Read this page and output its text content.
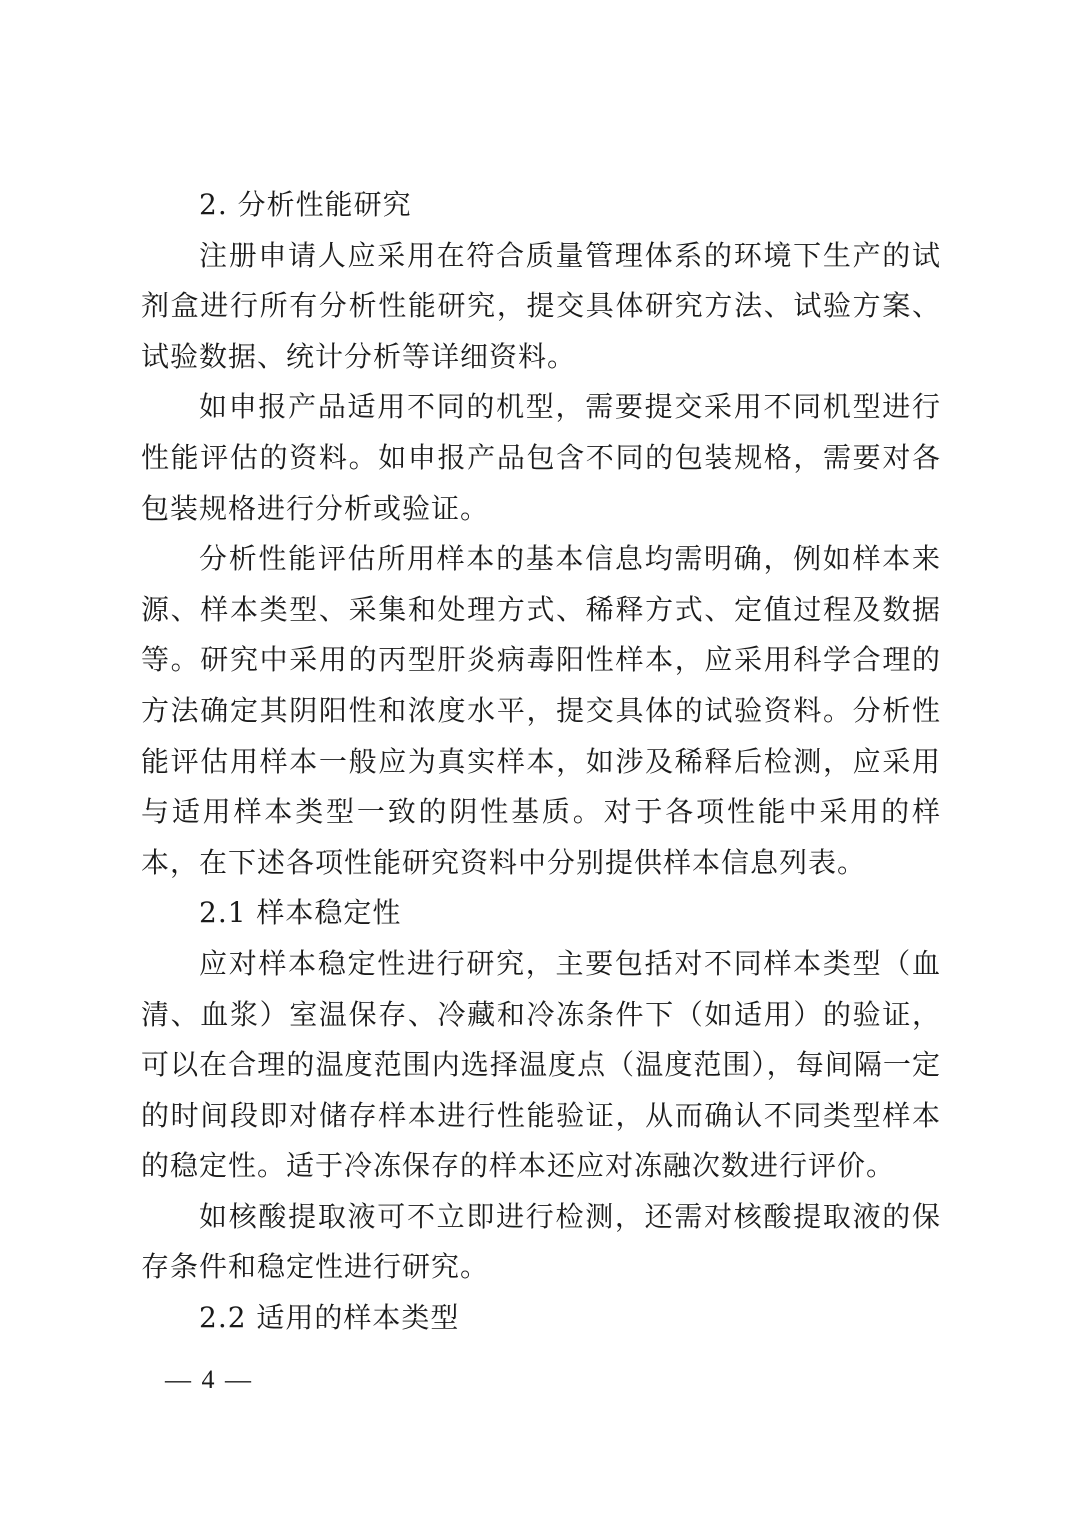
2. 分析性能研究

注册申请人应采用在符合质量管理体系的环境下生产的试剂盒进行所有分析性能研究，提交具体研究方法、试验方案、试验数据、统计分析等详细资料。

如申报产品适用不同的机型，需要提交采用不同机型进行性能评估的资料。如申报产品包含不同的包装规格，需要对各包装规格进行分析或验证。

分析性能评估所用样本的基本信息均需明确，例如样本来源、样本类型、采集和处理方式、稀释方式、定值过程及数据等。研究中采用的丙型肝炎病毒阳性样本，应采用科学合理的方法确定其阴阳性和浓度水平，提交具体的试验资料。分析性能评估用样本一般应为真实样本，如涉及稀释后检测，应采用与适用样本类型一致的阴性基质。对于各项性能中采用的样本，在下述各项性能研究资料中分别提供样本信息列表。

2.1 样本稳定性

应对样本稳定性进行研究，主要包括对不同样本类型（血清、血浆）室温保存、冷藏和冷冻条件下（如适用）的验证，可以在合理的温度范围内选择温度点（温度范围），每间隔一定的时间段即对储存样本进行性能验证，从而确认不同类型样本的稳定性。适于冷冻保存的样本还应对冻融次数进行评价。

如核酸提取液可不立即进行检测，还需对核酸提取液的保存条件和稳定性进行研究。

2.2 适用的样本类型

— 4 —
